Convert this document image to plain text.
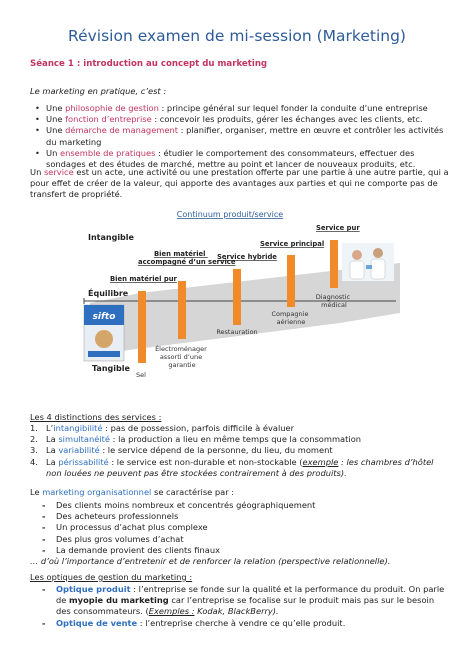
Révision examen de mi-session (Marketing)
Séance 1 : introduction au concept du marketing
Le marketing en pratique, c’est :
• Une philosophie de gestion : principe général sur lequel fonder la conduite d’une entreprise
• Une fonction d’entreprise : concevoir les produits, gérer les échanges avec les clients, etc.
• Une démarche de management : planifier, organiser, mettre en œuvre et contrôler les activités du marketing
• Un ensemble de pratiques : étudier le comportement des consommateurs, effectuer des sondages et des études de marché, mettre au point et lancer de nouveaux produits, etc.
Un service est un acte, une activité ou une prestation offerte par une partie à une autre partie, qui a pour effet de créer de la valeur, qui apporte des avantages aux parties et qui ne comporte pas de transfert de propriété.
Continuum produit/service
Intangible
Équilibre
Tangible
Bien matériel pur
Bien matériel accompagné d’un service
Service hybride
Service principal
Service pur
Sel
Électroménager assorti d’une garantie
Restauration
Compagnie aérienne
Diagnostic médical
sifto
Les 4 distinctions des services :
1. L’intangibilité : pas de possession, parfois difficile à évaluer
2. La simultanéité : la production a lieu en même temps que la consommation
3. La variabilité : le service dépend de la personne, du lieu, du moment
4. La périssabilité : le service est non-durable et non-stockable (exemple : les chambres d’hôtel non louées ne peuvent pas être stockées contrairement à des produits).
Le marketing organisationnel se caractérise par :
- Des clients moins nombreux et concentrés géographiquement
- Des acheteurs professionnels
- Un processus d’achat plus complexe
- Des plus gros volumes d’achat
- La demande provient des clients finaux
… d’où l’importance d’entretenir et de renforcer la relation (perspective relationnelle).
Les optiques de gestion du marketing :
- Optique produit : l’entreprise se fonde sur la qualité et la performance du produit. On parle de myopie du marketing car l’entreprise se focalise sur le produit mais pas sur le besoin des consommateurs. (Exemples : Kodak, BlackBerry).
- Optique de vente : l’entreprise cherche à vendre ce qu’elle produit.
